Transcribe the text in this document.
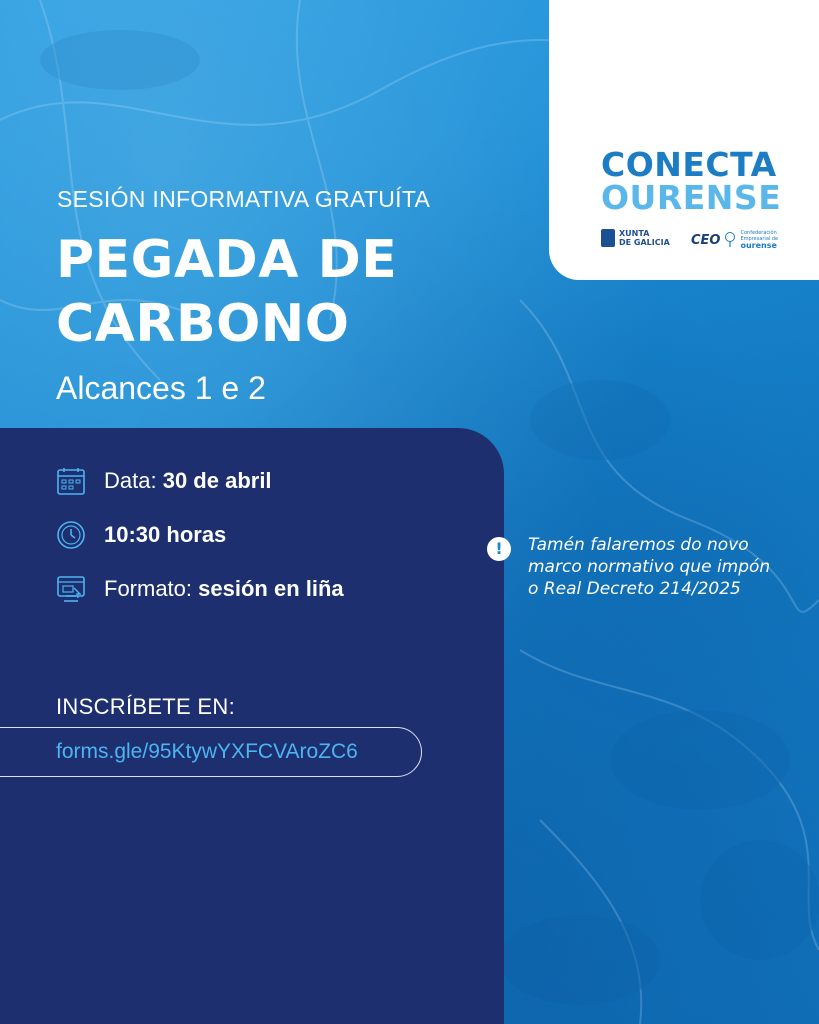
CONECTA
OURENSE
XUNTA
DE GALICIA CEO	Confederación
Empresarial de
ourense
SESIÓN INFORMATIVA GRATUÍTA
PEGADA DE
CARBONO
Alcances 1 e 2
Data: 30 de abril
10:30 horas
Formato: sesión en liña
INSCRÍBETE EN:
forms.gle/95KtywYXFCVAroZC6
!	Tamén falaremos do novo
marco normativo que impón
o Real Decreto 214/2025
